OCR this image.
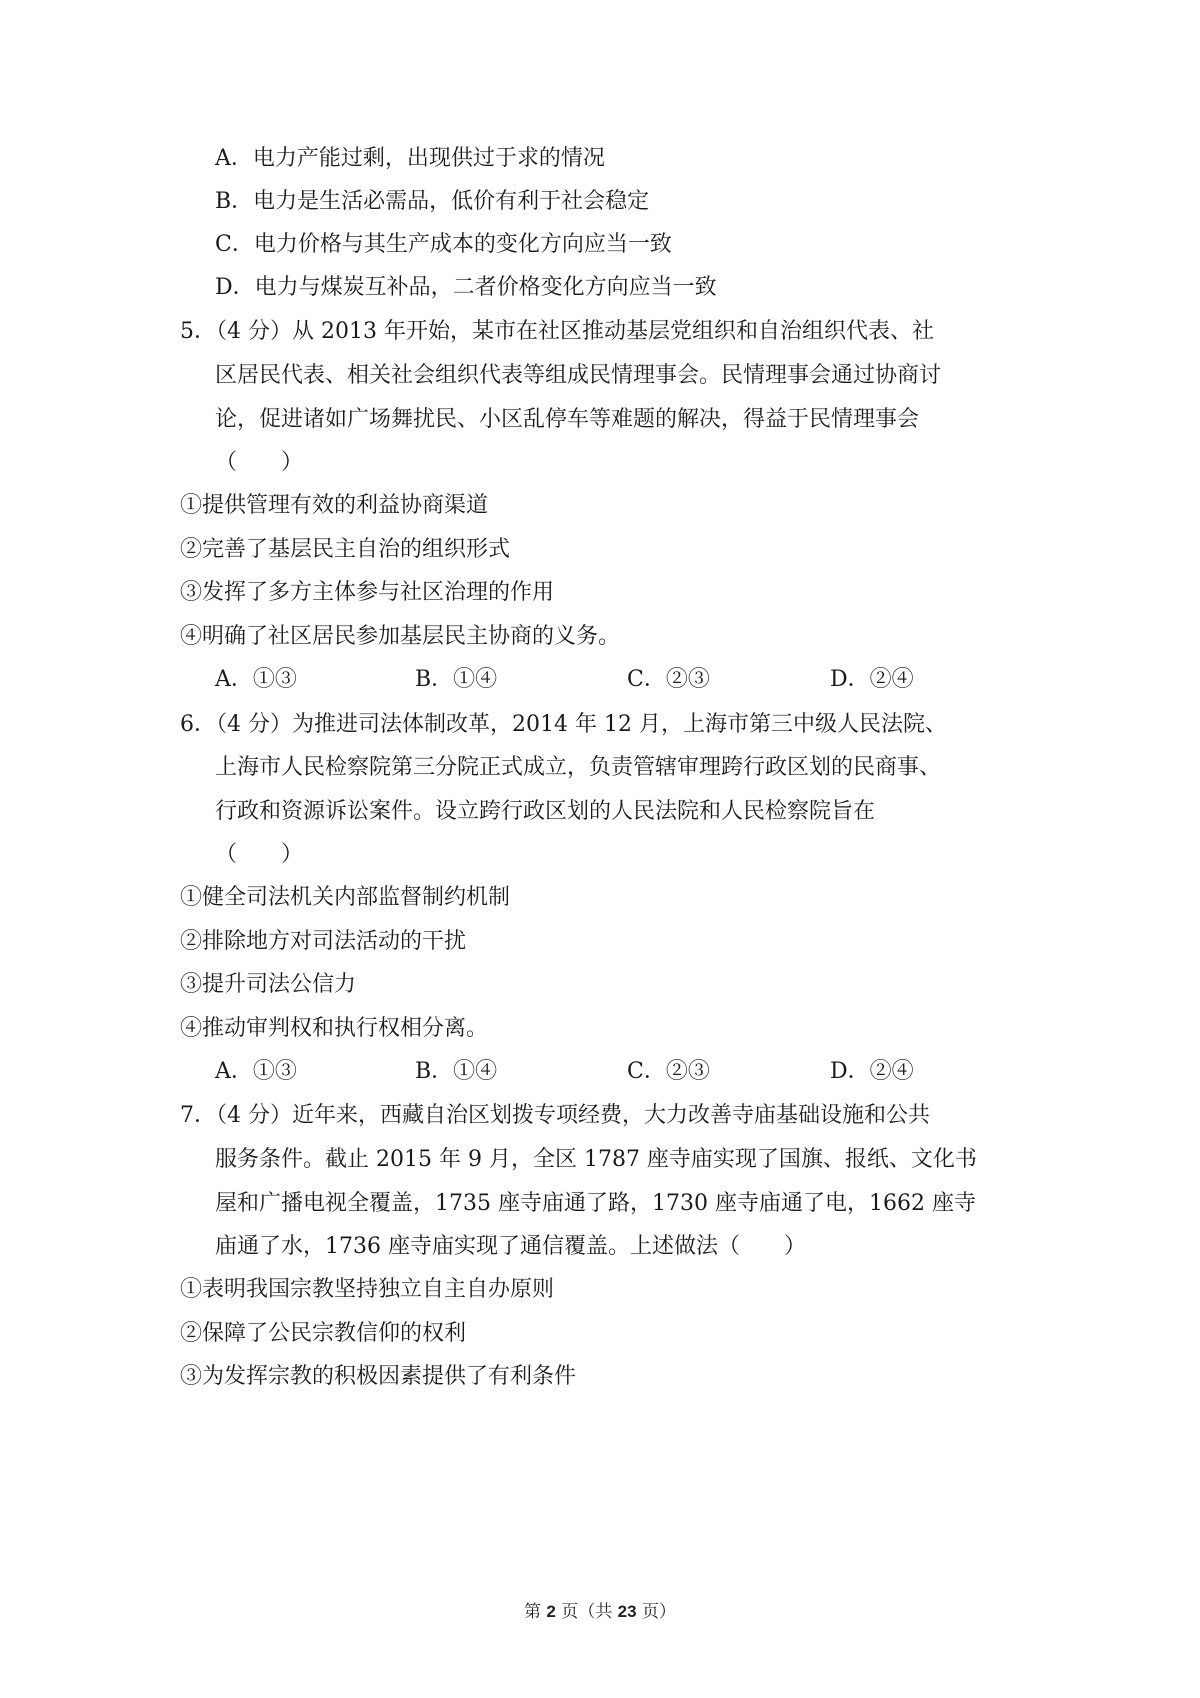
A．电力产能过剩，出现供过于求的情况
B．电力是生活必需品，低价有利于社会稳定
C．电力价格与其生产成本的变化方向应当一致
D．电力与煤炭互补品，二者价格变化方向应当一致
5．（4 分）从 2013 年开始，某市在社区推动基层党组织和自治组织代表、社
区居民代表、相关社会组织代表等组成民情理事会。民情理事会通过协商讨
论，促进诸如广场舞扰民、小区乱停车等难题的解决，得益于民情理事会
（　　）
①提供管理有效的利益协商渠道
②完善了基层民主自治的组织形式
③发挥了多方主体参与社区治理的作用
④明确了社区居民参加基层民主协商的义务。
A．①③	B．①④	C．②③	D．②④
6．（4 分）为推进司法体制改革，2014 年 12 月，上海市第三中级人民法院、
上海市人民检察院第三分院正式成立，负责管辖审理跨行政区划的民商事、
行政和资源诉讼案件。设立跨行政区划的人民法院和人民检察院旨在
（　　）
①健全司法机关内部监督制约机制
②排除地方对司法活动的干扰
③提升司法公信力
④推动审判权和执行权相分离。
A．①③	B．①④	C．②③	D．②④
7．（4 分）近年来，西藏自治区划拨专项经费，大力改善寺庙基础设施和公共
服务条件。截止 2015 年 9 月，全区 1787 座寺庙实现了国旗、报纸、文化书
屋和广播电视全覆盖，1735 座寺庙通了路，1730 座寺庙通了电，1662 座寺
庙通了水，1736 座寺庙实现了通信覆盖。上述做法（　　）
①表明我国宗教坚持独立自主自办原则
②保障了公民宗教信仰的权利
③为发挥宗教的积极因素提供了有利条件
第 2 页（共 23 页）
